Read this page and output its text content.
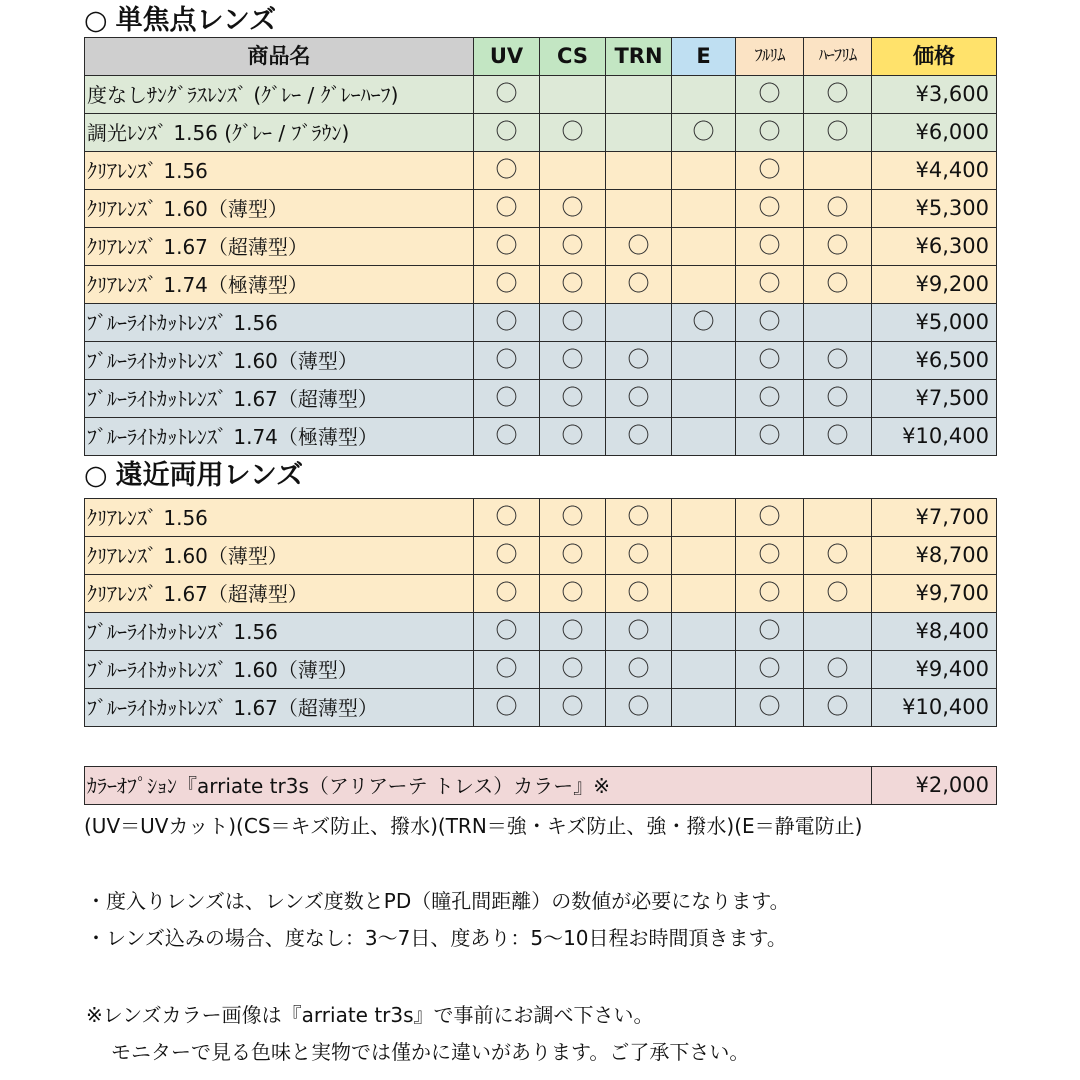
○ 単焦点レンズ
商品名	UV	CS	TRN	E	ﾌﾙﾘﾑ	ﾊｰﾌﾘﾑ	価格
度なしｻﾝｸﾞﾗｽﾚﾝｽﾞ (ｸﾞﾚｰ / ｸﾞﾚｰﾊｰﾌ)	〇				〇	〇	¥3,600
調光ﾚﾝｽﾞ 1.56 (ｸﾞﾚｰ / ﾌﾞﾗｳﾝ)	〇	〇		〇	〇	〇	¥6,000
ｸﾘｱﾚﾝｽﾞ 1.56	〇				〇		¥4,400
ｸﾘｱﾚﾝｽﾞ 1.60（薄型）	〇	〇			〇	〇	¥5,300
ｸﾘｱﾚﾝｽﾞ 1.67（超薄型）	〇	〇	〇		〇	〇	¥6,300
ｸﾘｱﾚﾝｽﾞ 1.74（極薄型）	〇	〇	〇		〇	〇	¥9,200
ﾌﾞﾙｰﾗｲﾄｶｯﾄﾚﾝｽﾞ 1.56	〇	〇		〇	〇		¥5,000
ﾌﾞﾙｰﾗｲﾄｶｯﾄﾚﾝｽﾞ 1.60（薄型）	〇	〇	〇		〇	〇	¥6,500
ﾌﾞﾙｰﾗｲﾄｶｯﾄﾚﾝｽﾞ 1.67（超薄型）	〇	〇	〇		〇	〇	¥7,500
ﾌﾞﾙｰﾗｲﾄｶｯﾄﾚﾝｽﾞ 1.74（極薄型）	〇	〇	〇		〇	〇	¥10,400
○ 遠近両用レンズ
ｸﾘｱﾚﾝｽﾞ 1.56	〇	〇	〇		〇		¥7,700
ｸﾘｱﾚﾝｽﾞ 1.60（薄型）	〇	〇	〇		〇	〇	¥8,700
ｸﾘｱﾚﾝｽﾞ 1.67（超薄型）	〇	〇	〇		〇	〇	¥9,700
ﾌﾞﾙｰﾗｲﾄｶｯﾄﾚﾝｽﾞ 1.56	〇	〇	〇		〇		¥8,400
ﾌﾞﾙｰﾗｲﾄｶｯﾄﾚﾝｽﾞ 1.60（薄型）	〇	〇	〇		〇	〇	¥9,400
ﾌﾞﾙｰﾗｲﾄｶｯﾄﾚﾝｽﾞ 1.67（超薄型）	〇	〇	〇		〇	〇	¥10,400
ｶﾗｰｵﾌﾟｼｮﾝ『arriate tr3s（アリアーテ トレス）カラー』※	¥2,000
(UV＝UVカット)(CS＝キズ防止、撥水)(TRN＝強・キズ防止、強・撥水)(E＝静電防止)
・度入りレンズは、レンズ度数とPD（瞳孔間距離）の数値が必要になります。
・レンズ込みの場合、度なし：3〜7日、度あり：5〜10日程お時間頂きます。
※レンズカラー画像は『arriate tr3s』で事前にお調べ下さい。
モニターで見る色味と実物では僅かに違いがあります。ご了承下さい。
